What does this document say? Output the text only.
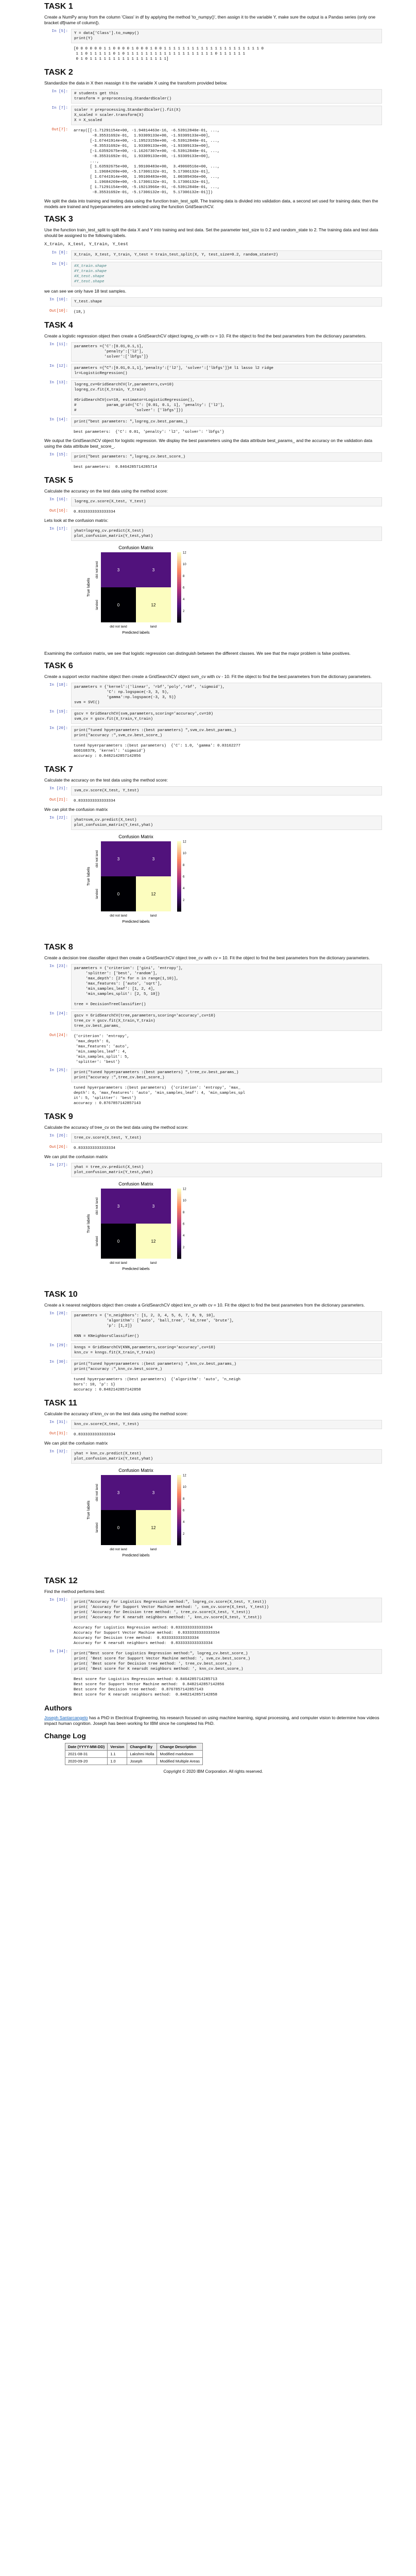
TASK 1

Create a NumPy array from the column 'Class' in df by applying the method 'to_numpy()', then assign it to the variable Y, make sure the output is a Pandas series (only one bracket df[name of column]).

In [5]:	Y = data['Class'].to_numpy()
print(Y)
[0 0 0 0 0 0 1 1 0 0 0 0 1 0 0 0 1 0 0 1 1 1 1 1 1 1 1 1 1 1 1 1 1 1 1 1 1 1 1 1 0
1 1 0 1 1 1 1 1 0 1 0 1 1 1 1 1 1 1 1 1 1 1 1 1 1 1 1 1 1 1 0 1 1 1 1 1 1
0 1 0 1 1 1 1 1 1 1 1 1 1 1 1 1 1 1 1 1]
TASK 2

Standardize the data in X then reassign it to the variable X using the transform provided below.

In [6]:	# students get this
transform = preprocessing.StandardScaler()
In [7]:	scaler = preprocessing.StandardScaler().fit(X)
X_scaled = scaler.transform(X)
X = X_scaled
Out[7]:	array([[-1.71291154e+00, -1.94814463e-16, -6.53912840e-01, ...,
-8.35531692e-01,  1.93309133e+00, -1.93309133e+00],
[-1.67441914e+00, -1.19523159e+00, -6.53912840e-01, ...,
-8.35531692e-01,  1.93309133e+00, -1.93309133e+00],
[-1.63592675e+00, -1.16267307e+00, -6.53912840e-01, ...,
-8.35531692e-01,  1.93309133e+00, -1.93309133e+00],
...,
[ 1.63592675e+00,  1.99100483e+00,  3.49060516e+00, ...,
1.19684269e+00, -5.17306132e-01,  5.17306132e-01],
[ 1.67441914e+00,  1.99100483e+00,  1.00389436e+00, ...,
1.19684269e+00, -5.17306132e-01,  5.17306132e-01],
[ 1.71291154e+00, -5.19213966e-01, -6.53912840e-01, ...,
-8.35531692e-01, -5.17306132e-01,  5.17306132e-01]])

We split the data into training and testing data using the function train_test_split. The training data is divided into validation data, a second set used for training data; then the models are trained and hyperparameters are selected using the function GridSearchCV.

TASK 3

Use the function train_test_split to split the data X and Y into training and test data. Set the parameter test_size to 0.2 and random_state to 2. The training data and test data should be assigned to the following labels.

X_train, X_test, Y_train, Y_test

In [8]:	X_train, X_test, Y_train, Y_test = train_test_split(X, Y, test_size=0.2, random_state=2)
In [9]:	#X_train.shape
#Y_train.shape
#X_test.shape
#Y_test.shape

we can see we only have 18 test samples.

In [10]:	Y_test.shape
Out[10]:	(18,)
TASK 4

Create a logistic regression object then create a GridSearchCV object logreg_cv with cv = 10. Fit the object to find the best parameters from the dictionary parameters.

In [11]:	parameters ={'C':[0.01,0.1,1],
'penalty':['l2'],
'solver':['lbfgs']}
In [12]:	parameters ={"C":[0.01,0.1,1],'penalty':['l2'], 'solver':['lbfgs']}# l1 lasso l2 ridge
lr=LogisticRegression()
In [13]:	logreg_cv=GridSearchCV(lr,parameters,cv=10)
logreg_cv.fit(X_train, Y_train)

#GridSearchCV(cv=10, estimator=LogisticRegression(),
#             param_grid={'C': [0.01, 0.1, 1], 'penalty': ['l2'],
#                         'solver': ['lbfgs']})
In [14]:	print("best parameters: ",logreg_cv.best_params_)
best parameters:  {'C': 0.01, 'penalty': 'l2', 'solver': 'lbfgs'}

We output the GridSearchCV object for logistic regression. We display the best parameters using the data attribute best_params_ and the accuracy on the validation data using the data attribute best_score_.

In [15]:	print("best parameters: ",logreg_cv.best_score_)
best parameters:  0.8464285714285714
TASK 5

Calculate the accuracy on the test data using the method score:

In [16]:	logreg_cv.score(X_test, Y_test)
Out[16]:	0.8333333333333334

Lets look at the confusion matrix:

In [17]:	yhat=logreg_cv.predict(X_test)
plot_confusion_matrix(Y_test,yhat)
Confusion Matrix
3	3
0	12
did not land	land
did not land
landed
Predicted labels
True labels
2
4
6
8
10
12

Examining the confusion matrix, we see that logistic regression can distinguish between the different classes. We see that the major problem is false positives.

TASK 6

Create a support vector machine object then create a GridSearchCV object svm_cv with cv - 10. Fit the object to find the best parameters from the dictionary parameters.

In [18]:	parameters = {'kernel':('linear', 'rbf','poly','rbf', 'sigmoid'),
'C': np.logspace(-3, 3, 5),
'gamma':np.logspace(-3, 3, 5)}
svm = SVC()
In [19]:	gscv = GridSearchCV(svm,parameters,scoring='accuracy',cv=10)
svm_cv = gscv.fit(X_train,Y_train)
In [20]:	print("tuned hpyerparameters :(best parameters) ",svm_cv.best_params_)
print("accuracy :",svm_cv.best_score_)
tuned hpyerparameters :(best parameters)  {'C': 1.0, 'gamma': 0.03162277
660168379, 'kernel': 'sigmoid'}
accuracy : 0.8482142857142856
TASK 7

Calculate the accuracy on the test data using the method score:

In [21]:	svm_cv.score(X_test, Y_test)
Out[21]:	0.8333333333333334

We can plot the confusion matrix

In [22]:	yhat=svm_cv.predict(X_test)
plot_confusion_matrix(Y_test,yhat)
Confusion Matrix
3	3
0	12
did not land	land
did not land
landed
Predicted labels
True labels
2
4
6
8
10
12
TASK 8

Create a decision tree classifier object then create a GridSearchCV object tree_cv with cv = 10. Fit the object to find the best parameters from the dictionary parameters.

In [23]:	parameters = {'criterion': ['gini', 'entropy'],
'splitter': ['best', 'random'],
'max_depth': [2*n for n in range(1,10)],
'max_features': ['auto', 'sqrt'],
'min_samples_leaf': [1, 2, 4],
'min_samples_split': [2, 5, 10]}

tree = DecisionTreeClassifier()
In [24]:	gscv = GridSearchCV(tree,parameters,scoring='accuracy',cv=10)
tree_cv = gscv.fit(X_train,Y_train)
tree_cv.best_params_
Out[24]:	{'criterion': 'entropy',
'max_depth': 6,
'max_features': 'auto',
'min_samples_leaf': 4,
'min_samples_split': 5,
'splitter': 'best'}
In [25]:	print("tuned hpyerparameters :(best parameters) ",tree_cv.best_params_)
print("accuracy :",tree_cv.best_score_)
tuned hpyerparameters :(best parameters)  {'criterion': 'entropy', 'max_
depth': 6, 'max_features': 'auto', 'min_samples_leaf': 4, 'min_samples_spl
it': 5, 'splitter': 'best'}
accuracy : 0.8767857142857143
TASK 9

Calculate the accuracy of tree_cv on the test data using the method score:

In [26]:	tree_cv.score(X_test, Y_test)
Out[26]:	0.8333333333333334

We can plot the confusion matrix

In [27]:	yhat = tree_cv.predict(X_test)
plot_confusion_matrix(Y_test,yhat)
Confusion Matrix
3	3
0	12
did not land	land
did not land
landed
Predicted labels
True labels
2
4
6
8
10
12
TASK 10

Create a k nearest neighbors object then create a GridSearchCV object knn_cv with cv = 10. Fit the object to find the best parameters from the dictionary parameters.

In [28]:	parameters = {'n_neighbors': [1, 2, 3, 4, 5, 6, 7, 8, 9, 10],
'algorithm': ['auto', 'ball_tree', 'kd_tree', 'brute'],
'p': [1,2]}

KNN = KNeighborsClassifier()
In [29]:	knngs = GridSearchCV(KNN,parameters,scoring='accuracy',cv=10)
knn_cv = knngs.fit(X_train,Y_train)
In [30]:	print("tuned hpyerparameters :(best parameters) ",knn_cv.best_params_)
print("accuracy :",knn_cv.best_score_)
tuned hpyerparameters :(best parameters)  {'algorithm': 'auto', 'n_neigh
bors': 10, 'p': 1}
accuracy : 0.8482142857142858
TASK 11

Calculate the accuracy of knn_cv on the test data using the method score:

In [31]:	knn_cv.score(X_test, Y_test)
Out[31]:	0.8333333333333334

We can plot the confusion matrix

In [32]:	yhat = knn_cv.predict(X_test)
plot_confusion_matrix(Y_test,yhat)
Confusion Matrix
3	3
0	12
did not land	land
did not land
landed
Predicted labels
True labels
2
4
6
8
10
12
TASK 12

Find the method performs best:

In [33]:	print("Accuracy for Logistics Regression method:", logreg_cv.score(X_test, Y_test))
print( 'Accuracy for Support Vector Machine method: ', svm_cv.score(X_test, Y_test))
print( 'Accuracy for Decision tree method: ', tree_cv.score(X_test, Y_test))
print( 'Accuracy for K nearsdt neighbors method: ', knn_cv.score(X_test, Y_test))
Accuracy for Logistics Regression method: 0.8333333333333334
Accuracy for Support Vector Machine method:  0.8333333333333334
Accuracy for Decision tree method:  0.8333333333333334
Accuracy for K nearsdt neighbors method:  0.8333333333333334
In [34]:	print("Best score for Logistics Regression method:", logreg_cv.best_score_)
print( 'Best score for Support Vector Machine method: ', svm_cv.best_score_)
print( 'Best score for Decision tree method: ', tree_cv.best_score_)
print( 'Best score for K nearsdt neighbors method: ', knn_cv.best_score_)
Best score for Logistics Regression method: 0.8464285714285713
Best score for Support Vector Machine method:  0.8482142857142856
Best score for Decision tree method:  0.8767857142857143
Best score for K nearsdt neighbors method:  0.8482142857142858
Authors

Joseph Santarcangelo has a PhD in Electrical Engineering, his research focused on using machine learning, signal processing, and computer vision to determine how videos impact human cognition. Joseph has been working for IBM since he completed his PhD.

Change Log
Date (YYYY-MM-DD)	Version	Changed By	Change Description
2021-08-31	1.1	Lakshmi Holla	Modified markdown
2020-09-20	1.0	Joseph	Modified Multiple Areas
Copyright © 2020 IBM Corporation. All rights reserved.
